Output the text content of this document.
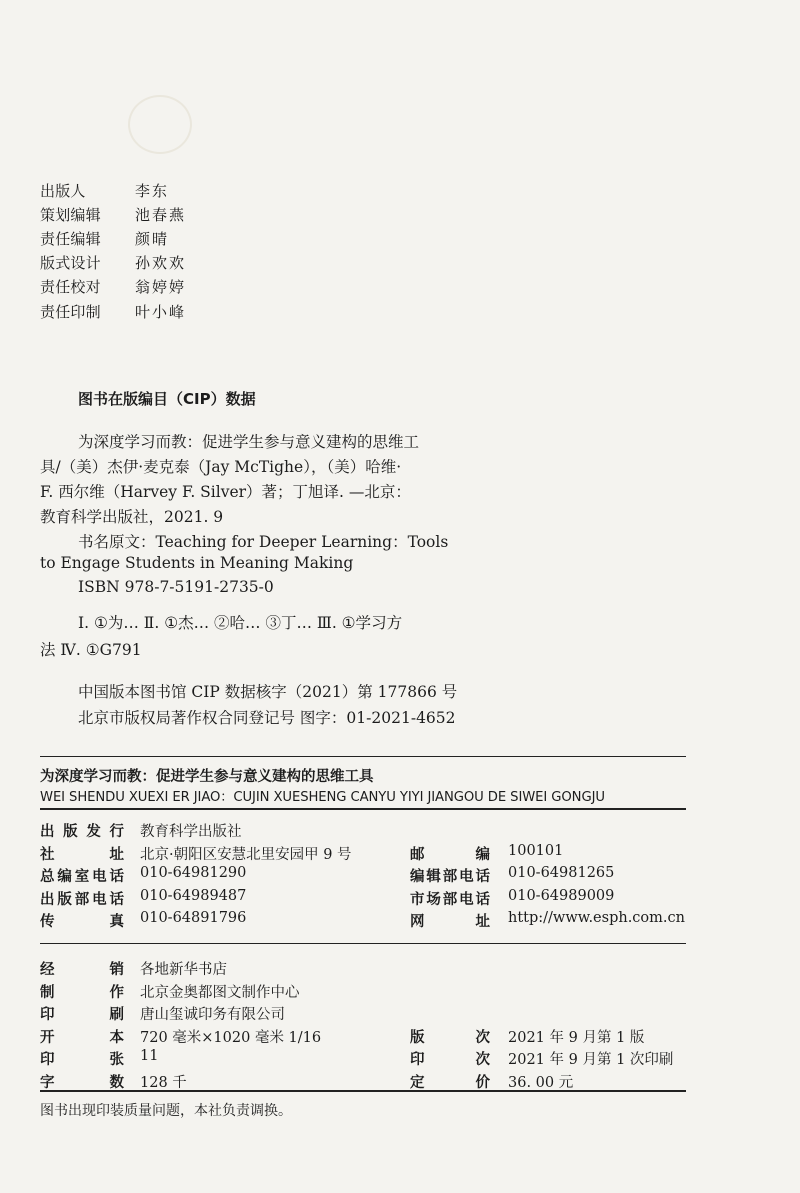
出版人	李东
策划编辑	池春燕
责任编辑	颜晴
版式设计	孙欢欢
责任校对	翁婷婷
责任印制	叶小峰
图书在版编目（CIP）数据
为深度学习而教：促进学生参与意义建构的思维工
具/（美）杰伊·麦克泰（Jay McTighe），（美）哈维·
F. 西尔维（Harvey F. Silver）著；丁旭译. —北京：
教育科学出版社，2021. 9
书名原文：Teaching for Deeper Learning：Tools
to Engage Students in Meaning Making
ISBN 978-7-5191-2735-0
Ⅰ. ①为… Ⅱ. ①杰… ②哈… ③丁… Ⅲ. ①学习方
法 Ⅳ. ①G791
中国版本图书馆 CIP 数据核字（2021）第 177866 号
北京市版权局著作权合同登记号 图字：01-2021-4652
为深度学习而教：促进学生参与意义建构的思维工具
WEI SHENDU XUEXI ER JIAO：CUJIN XUESHENG CANYU YIYI JIANGOU DE SIWEI GONGJU
出 版 发 行 教育科学出版社
社	址 北京·朝阳区安慧北里安园甲 9 号	邮	编 100101
总 编 室 电 话 010-64981290	编 辑 部 电 话 010-64981265
出 版 部 电 话 010-64989487	市 场 部 电 话 010-64989009
传	真 010-64891796	网	址 http://www.esph.com.cn
经	销 各地新华书店
制	作 北京金奥都图文制作中心
印	刷 唐山玺诚印务有限公司
开	本 720 毫米×1020 毫米 1/16	版	次 2021 年 9 月第 1 版
印	张 11	印	次 2021 年 9 月第 1 次印刷
字	数 128 千	定	价 36. 00 元
图书出现印装质量问题，本社负责调换。
